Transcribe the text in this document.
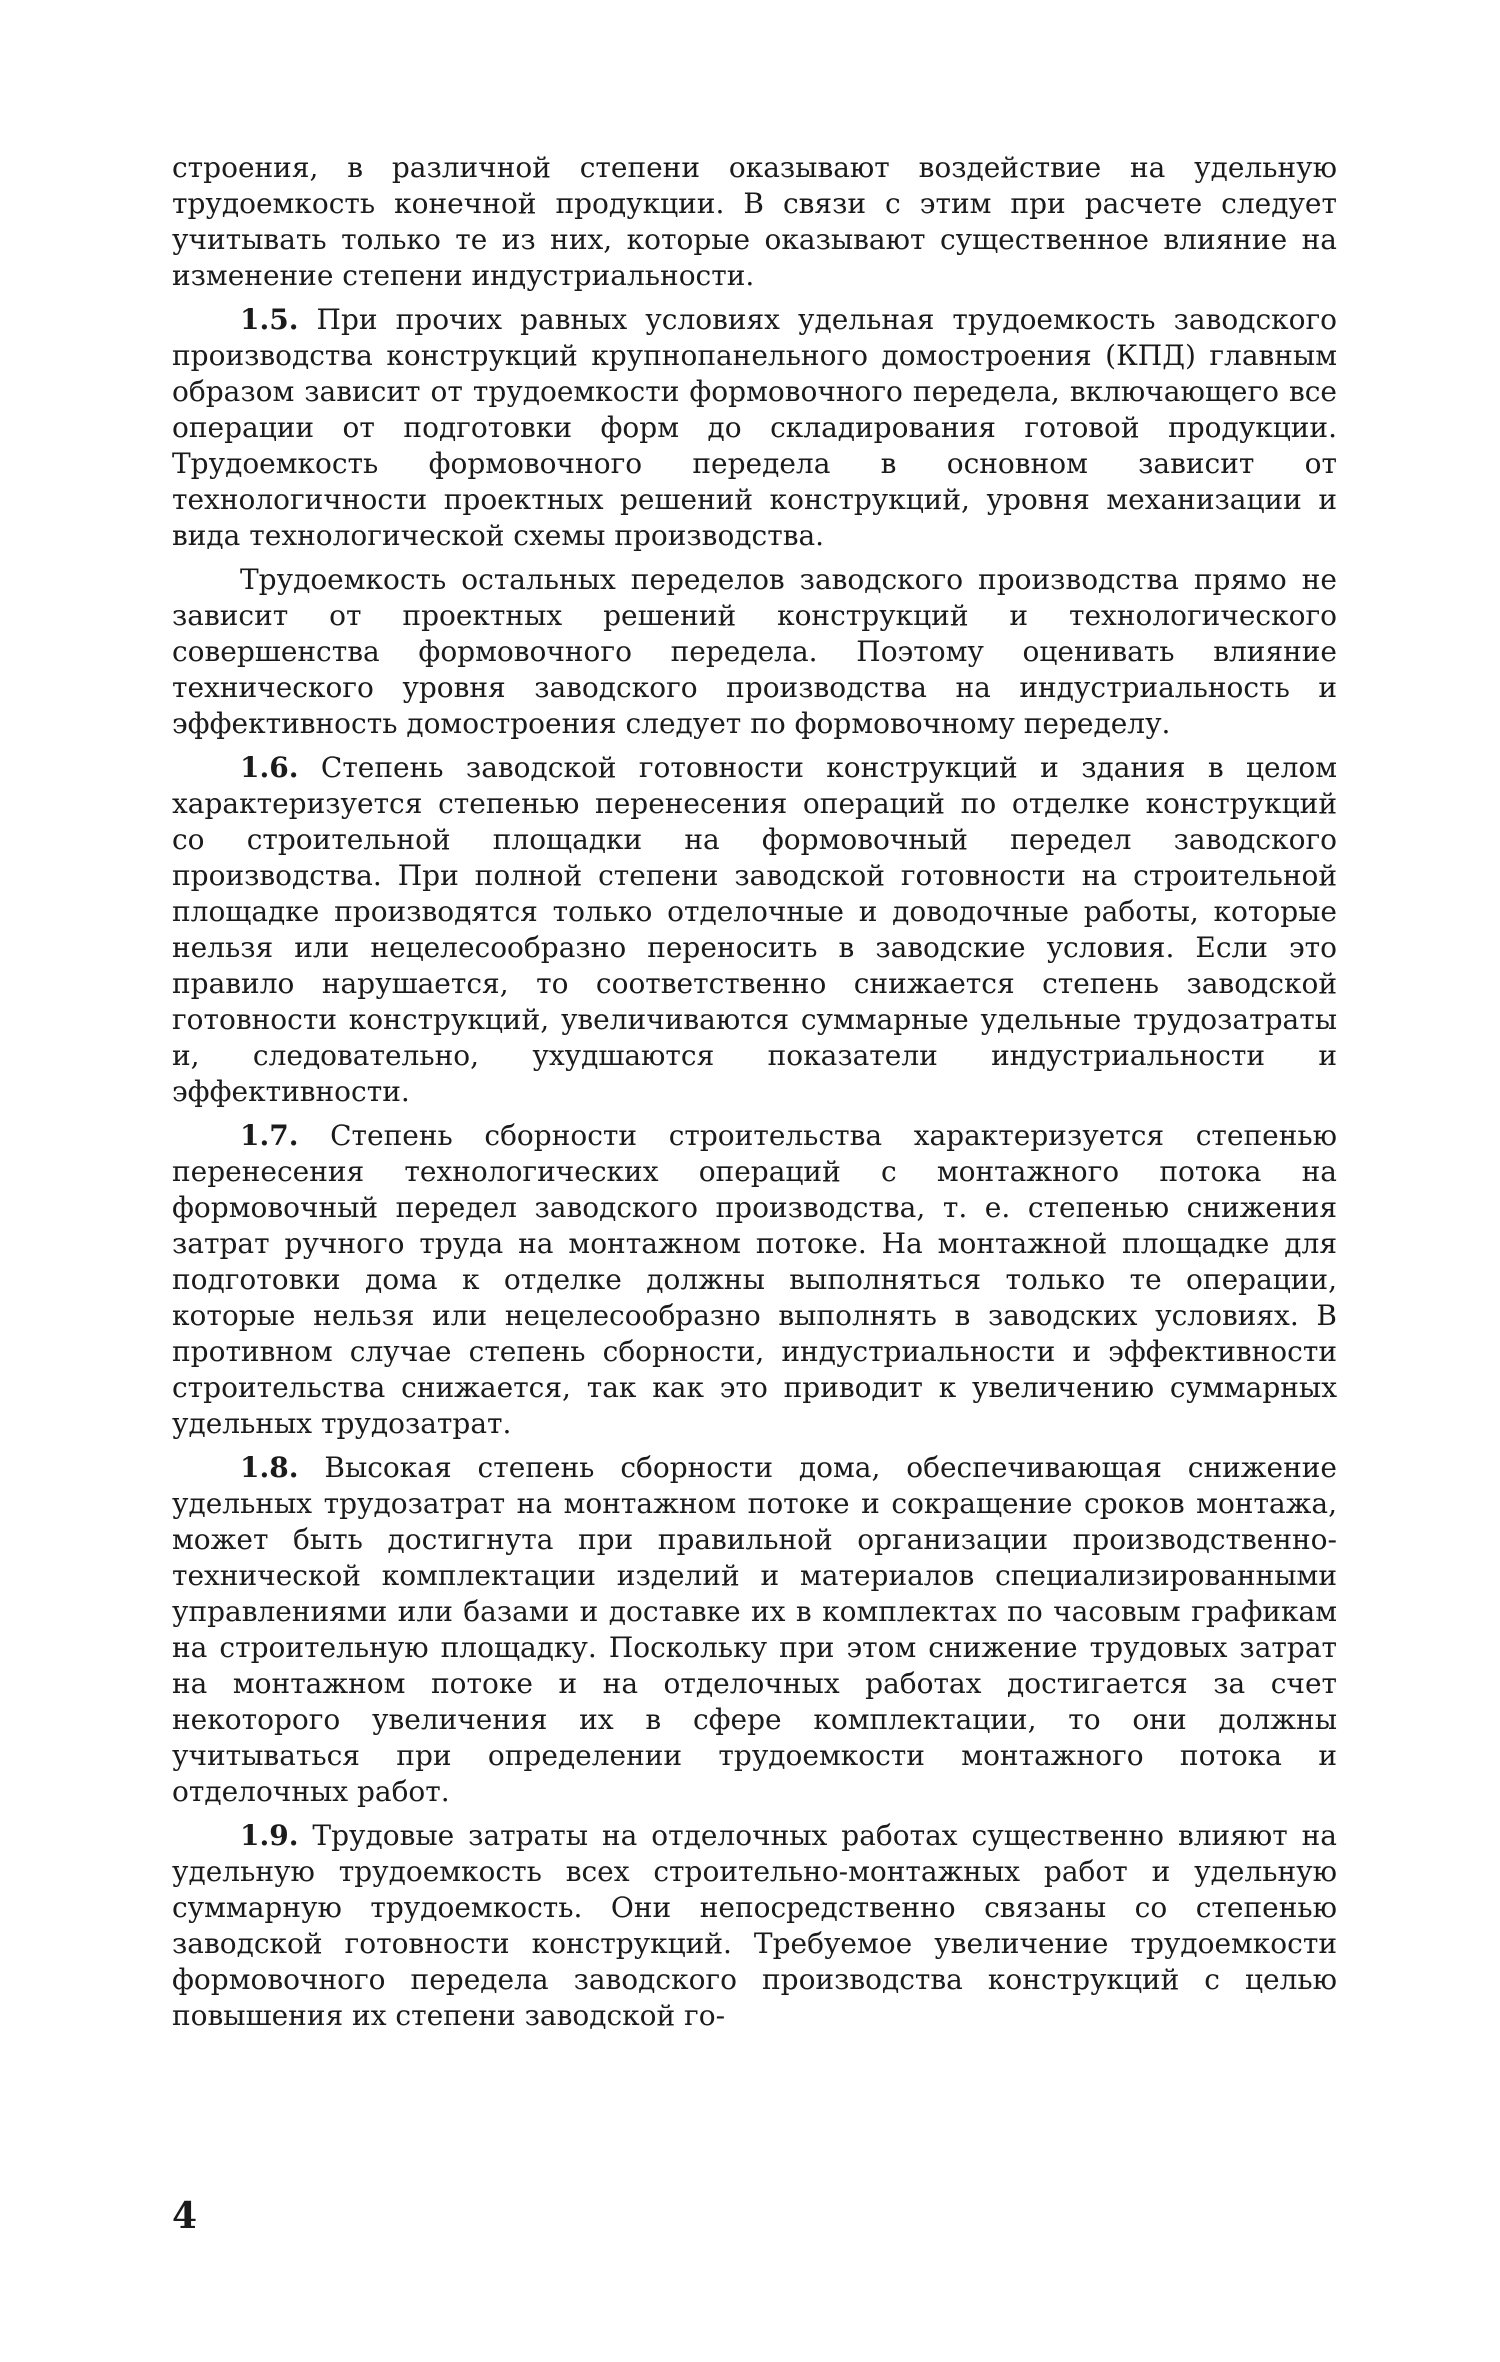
строения, в различной степени оказывают воздействие на удельную трудоемкость конечной продукции. В связи с этим при расчете следует учитывать только те из них, которые оказывают существенное влияние на изменение степени индустриальности.

1.5. При прочих равных условиях удельная трудоемкость заводского производства конструкций крупнопанельного домостроения (КПД) главным образом зависит от трудоемкости формовочного передела, включающего все операции от подготовки форм до складирования готовой продукции. Трудоемкость формовочного передела в основном зависит от технологичности проектных решений конструкций, уровня механизации и вида технологической схемы производства.

Трудоемкость остальных переделов заводского производства прямо не зависит от проектных решений конструкций и технологического совершенства формовочного передела. Поэтому оценивать влияние технического уровня заводского производства на индустриальность и эффективность домостроения следует по формовочному переделу.

1.6. Степень заводской готовности конструкций и здания в целом характеризуется степенью перенесения операций по отделке конструкций со строительной площадки на формовочный передел заводского производства. При полной степени заводской готовности на строительной площадке производятся только отделочные и доводочные работы, которые нельзя или нецелесообразно переносить в заводские условия. Если это правило нарушается, то соответственно снижается степень заводской готовности конструкций, увеличиваются суммарные удельные трудозатраты и, следовательно, ухудшаются показатели индустриальности и эффективности.

1.7. Степень сборности строительства характеризуется степенью перенесения технологических операций с монтажного потока на формовочный передел заводского производства, т. е. степенью снижения затрат ручного труда на монтажном потоке. На монтажной площадке для подготовки дома к отделке должны выполняться только те операции, которые нельзя или нецелесообразно выполнять в заводских условиях. В противном случае степень сборности, индустриальности и эффективности строительства снижается, так как это приводит к увеличению суммарных удельных трудозатрат.

1.8. Высокая степень сборности дома, обеспечивающая снижение удельных трудозатрат на монтажном потоке и сокращение сроков монтажа, может быть достигнута при правильной организации производственно-технической комплектации изделий и материалов специализированными управлениями или базами и доставке их в комплектах по часовым графикам на строительную площадку. Поскольку при этом снижение трудовых затрат на монтажном потоке и на отделочных работах достигается за счет некоторого увеличения их в сфере комплектации, то они должны учитываться при определении трудоемкости монтажного потока и отделочных работ.

1.9. Трудовые затраты на отделочных работах существенно влияют на удельную трудоемкость всех строительно-монтажных работ и удельную суммарную трудоемкость. Они непосредственно связаны со степенью заводской готовности конструкций. Требуемое увеличение трудоемкости формовочного передела заводского производства конструкций с целью повышения их степени заводской го-

4
